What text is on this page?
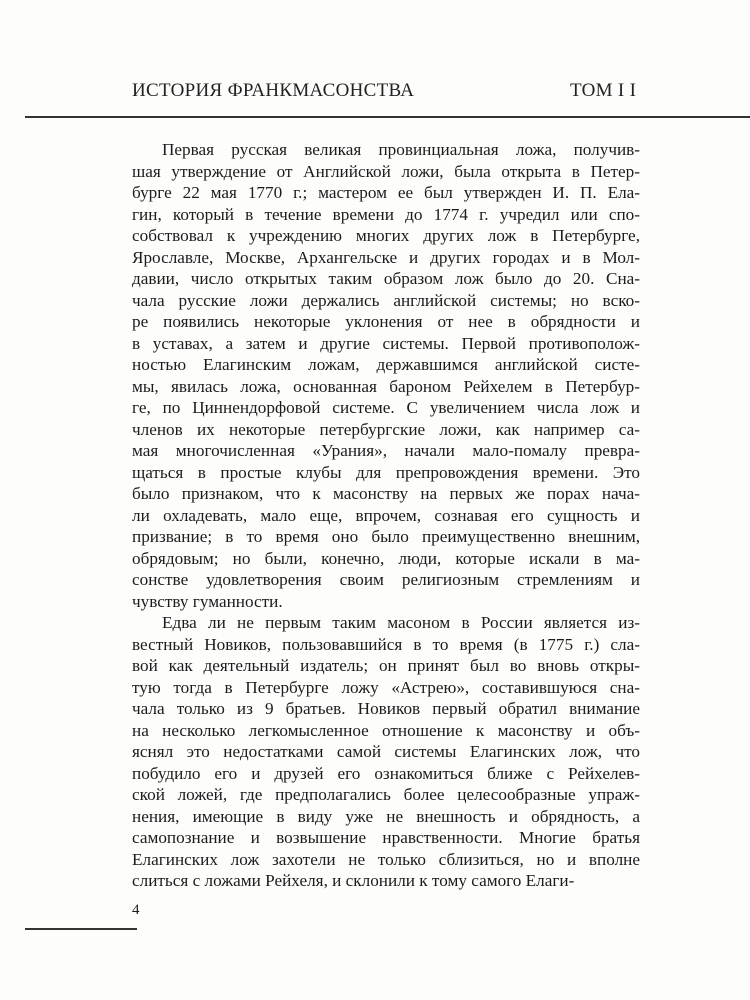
ИСТОРИЯ ФРАНКМАСОНСТВА	ТОМ I I
Первая русская великая провинциальная ложа, получив-
шая утверждение от Английской ложи, была открыта в Петер-
бурге 22 мая 1770 г.; мастером ее был утвержден И. П. Ела-
гин, который в течение времени до 1774 г. учредил или спо-
собствовал к учреждению многих других лож в Петербурге,
Ярославле, Москве, Архангельске и других городах и в Мол-
давии, число открытых таким образом лож было до 20. Сна-
чала русские ложи держались английской системы; но вско-
ре появились некоторые уклонения от нее в обрядности и
в уставах, а затем и другие системы. Первой противополож-
ностью Елагинским ложам, державшимся английской систе-
мы, явилась ложа, основанная бароном Рейхелем в Петербур-
ге, по Циннендорфовой системе. С увеличением числа лож и
членов их некоторые петербургские ложи, как например са-
мая многочисленная «Урания», начали мало-помалу превра-
щаться в простые клубы для препровождения времени. Это
было признаком, что к масонству на первых же порах нача-
ли охладевать, мало еще, впрочем, сознавая его сущность и
призвание; в то время оно было преимущественно внешним,
обрядовым; но были, конечно, люди, которые искали в ма-
сонстве удовлетворения своим религиозным стремлениям и
чувству гуманности.
Едва ли не первым таким масоном в России является из-
вестный Новиков, пользовавшийся в то время (в 1775 г.) сла-
вой как деятельный издатель; он принят был во вновь откры-
тую тогда в Петербурге ложу «Астрею», составившуюся сна-
чала только из 9 братьев. Новиков первый обратил внимание
на несколько легкомысленное отношение к масонству и объ-
яснял это недостатками самой системы Елагинских лож, что
побудило его и друзей его ознакомиться ближе с Рейхелев-
ской ложей, где предполагались более целесообразные упраж-
нения, имеющие в виду уже не внешность и обрядность, а
самопознание и возвышение нравственности. Многие братья
Елагинских лож захотели не только сблизиться, но и вполне
слиться с ложами Рейхеля, и склонили к тому самого Елаги-
4
